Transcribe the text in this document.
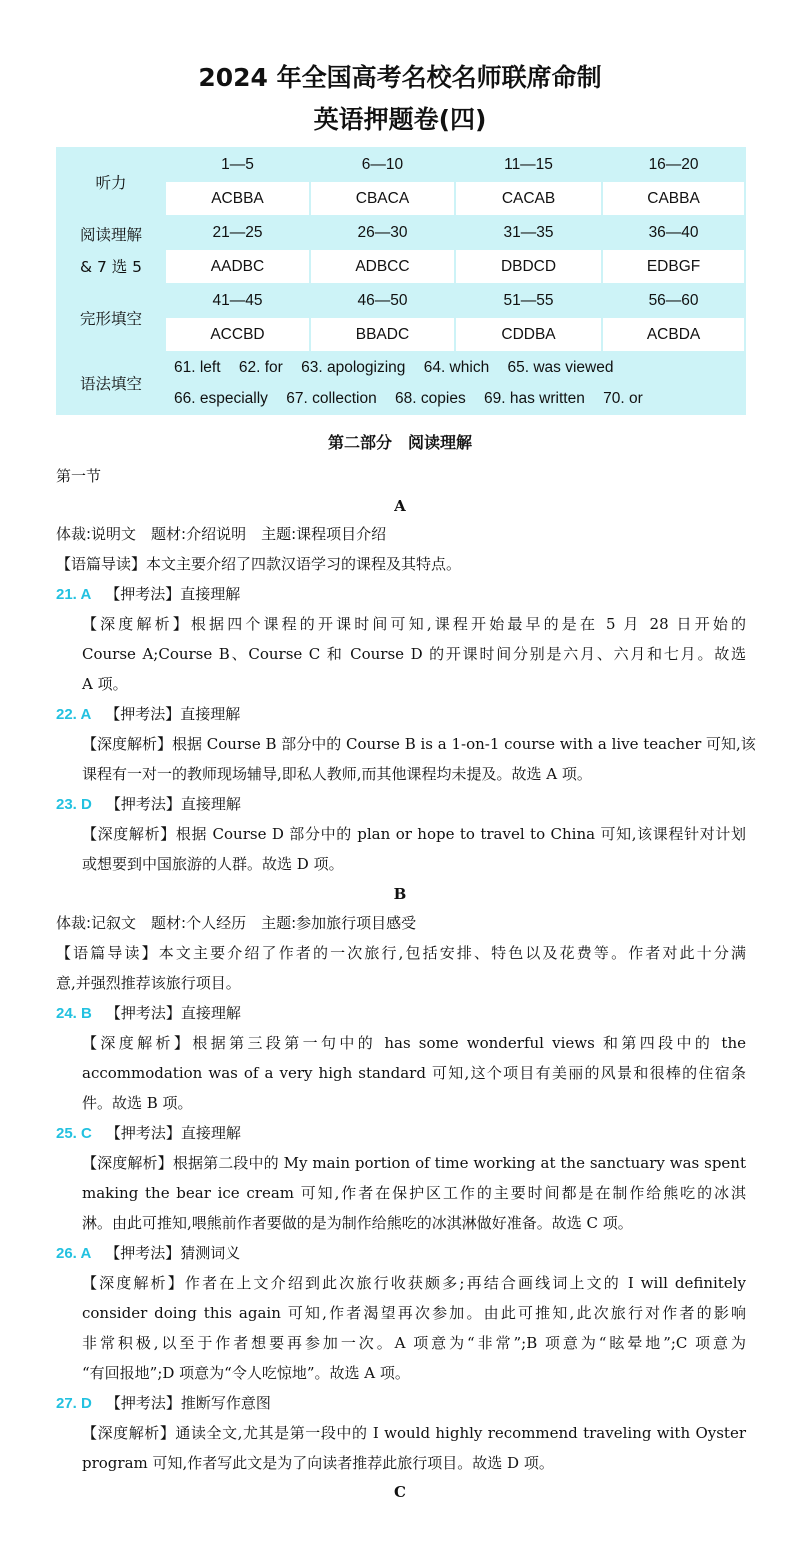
2024 年全国高考名校名师联席命制
英语押题卷(四)
听力	1—5	6—10	11—15	16—20
	ACBBA	CBACA	CACAB	CABBA

阅读理解
& 7 选 5	21—25	26—30	31—35	36—40
	AADBC	ADBCC	DBDCD	EDBGF
完形填空	41—45	46—50	51—55	56—60
	ACCBD	BBADC	CDDBA	ACBDA
语法填空	61. left 62. for 63. apologizing 64. which 65. was viewed			
	66. especially 67. collection 68. copies 69. has written 70. or			
第二部分　阅读理解
第一节
A
体裁:说明文　题材:介绍说明　主题:课程项目介绍
【语篇导读】本文主要介绍了四款汉语学习的课程及其特点。
21. A 【押考法】直接理解
【深度解析】根据四个课程的开课时间可知,课程开始最早的是在 5 月 28 日开始的
Course A;Course B、Course C 和 Course D 的开课时间分别是六月、六月和七月。故选
A 项。
22. A 【押考法】直接理解
【深度解析】根据 Course B 部分中的 Course B is a 1-on-1 course with a live teacher 可知,该
课程有一对一的教师现场辅导,即私人教师,而其他课程均未提及。故选 A 项。
23. D 【押考法】直接理解
【深度解析】根据 Course D 部分中的 plan or hope to travel to China 可知,该课程针对计划
或想要到中国旅游的人群。故选 D 项。
B
体裁:记叙文　题材:个人经历　主题:参加旅行项目感受
【语篇导读】本文主要介绍了作者的一次旅行,包括安排、特色以及花费等。作者对此十分满
意,并强烈推荐该旅行项目。
24. B 【押考法】直接理解
【深度解析】根据第三段第一句中的 has some wonderful views 和第四段中的 the
accommodation was of a very high standard 可知,这个项目有美丽的风景和很棒的住宿条
件。故选 B 项。
25. C 【押考法】直接理解
【深度解析】根据第二段中的 My main portion of time working at the sanctuary was spent
making the bear ice cream 可知,作者在保护区工作的主要时间都是在制作给熊吃的冰淇
淋。由此可推知,喂熊前作者要做的是为制作给熊吃的冰淇淋做好准备。故选 C 项。
26. A 【押考法】猜测词义
【深度解析】作者在上文介绍到此次旅行收获颇多;再结合画线词上文的 I will definitely
consider doing this again 可知,作者渴望再次参加。由此可推知,此次旅行对作者的影响
非常积极,以至于作者想要再参加一次。A 项意为“非常”;B 项意为“眩晕地”;C 项意为
“有回报地”;D 项意为“令人吃惊地”。故选 A 项。
27. D 【押考法】推断写作意图
【深度解析】通读全文,尤其是第一段中的 I would highly recommend traveling with Oyster
program 可知,作者写此文是为了向读者推荐此旅行项目。故选 D 项。
C
